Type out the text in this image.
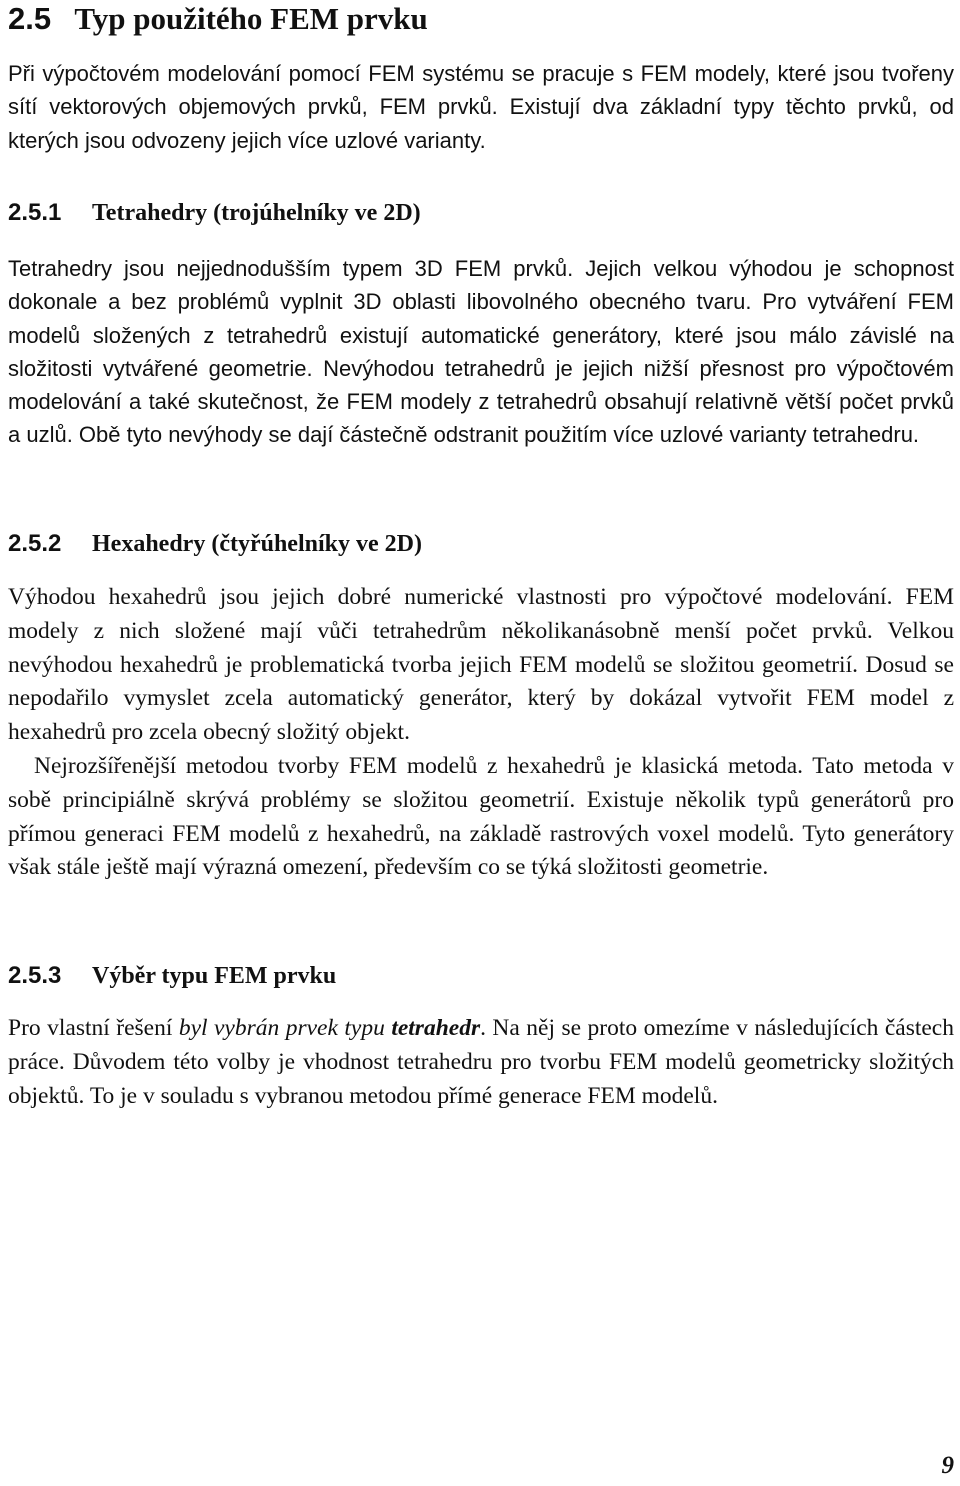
2.5 Typ použitého FEM prvku

Při výpočtovém modelování pomocí FEM systému se pracuje s FEM modely, které jsou tvořeny sítí vektorových objemových prvků, FEM prvků. Existují dva základní typy těchto prvků, od kterých jsou odvozeny jejich více uzlové varianty.

2.5.1 Tetrahedry (trojúhelníky ve 2D)

Tetrahedry jsou nejjednodušším typem 3D FEM prvků. Jejich velkou výhodou je schopnost dokonale a bez problémů vyplnit 3D oblasti libovolného obecného tvaru. Pro vytváření FEM modelů složených z tetrahedrů existují automatické generátory, které jsou málo závislé na složitosti vytvářené geometrie. Nevýhodou tetrahedrů je jejich nižší přesnost pro výpočtovém modelování a také skutečnost, že FEM modely z tetrahedrů obsahují relativně větší počet prvků a uzlů. Obě tyto nevýhody se dají částečně odstranit použitím více uzlové varianty tetrahedru.

2.5.2 Hexahedry (čtyřúhelníky ve 2D)

Výhodou hexahedrů jsou jejich dobré numerické vlastnosti pro výpočtové modelování. FEM modely z nich složené mají vůči tetrahedrům několikanásobně menší počet prvků. Velkou nevýhodou hexahedrů je problematická tvorba jejich FEM modelů se složitou geometrií. Dosud se nepodařilo vymyslet zcela automatický generátor, který by dokázal vytvořit FEM model z hexahedrů pro zcela obecný složitý objekt.

Nejrozšířenější metodou tvorby FEM modelů z hexahedrů je klasická metoda. Tato metoda v sobě principiálně skrývá problémy se složitou geometrií. Existuje několik typů generátorů pro přímou generaci FEM modelů z hexahedrů, na základě rastrových voxel modelů. Tyto generátory však stále ještě mají výrazná omezení, především co se týká složitosti geometrie.

2.5.3 Výběr typu FEM prvku

Pro vlastní řešení byl vybrán prvek typu tetrahedr. Na něj se proto omezíme v následujících částech práce. Důvodem této volby je vhodnost tetrahedru pro tvorbu FEM modelů geometricky složitých objektů. To je v souladu s vybranou metodou přímé generace FEM modelů.

9
